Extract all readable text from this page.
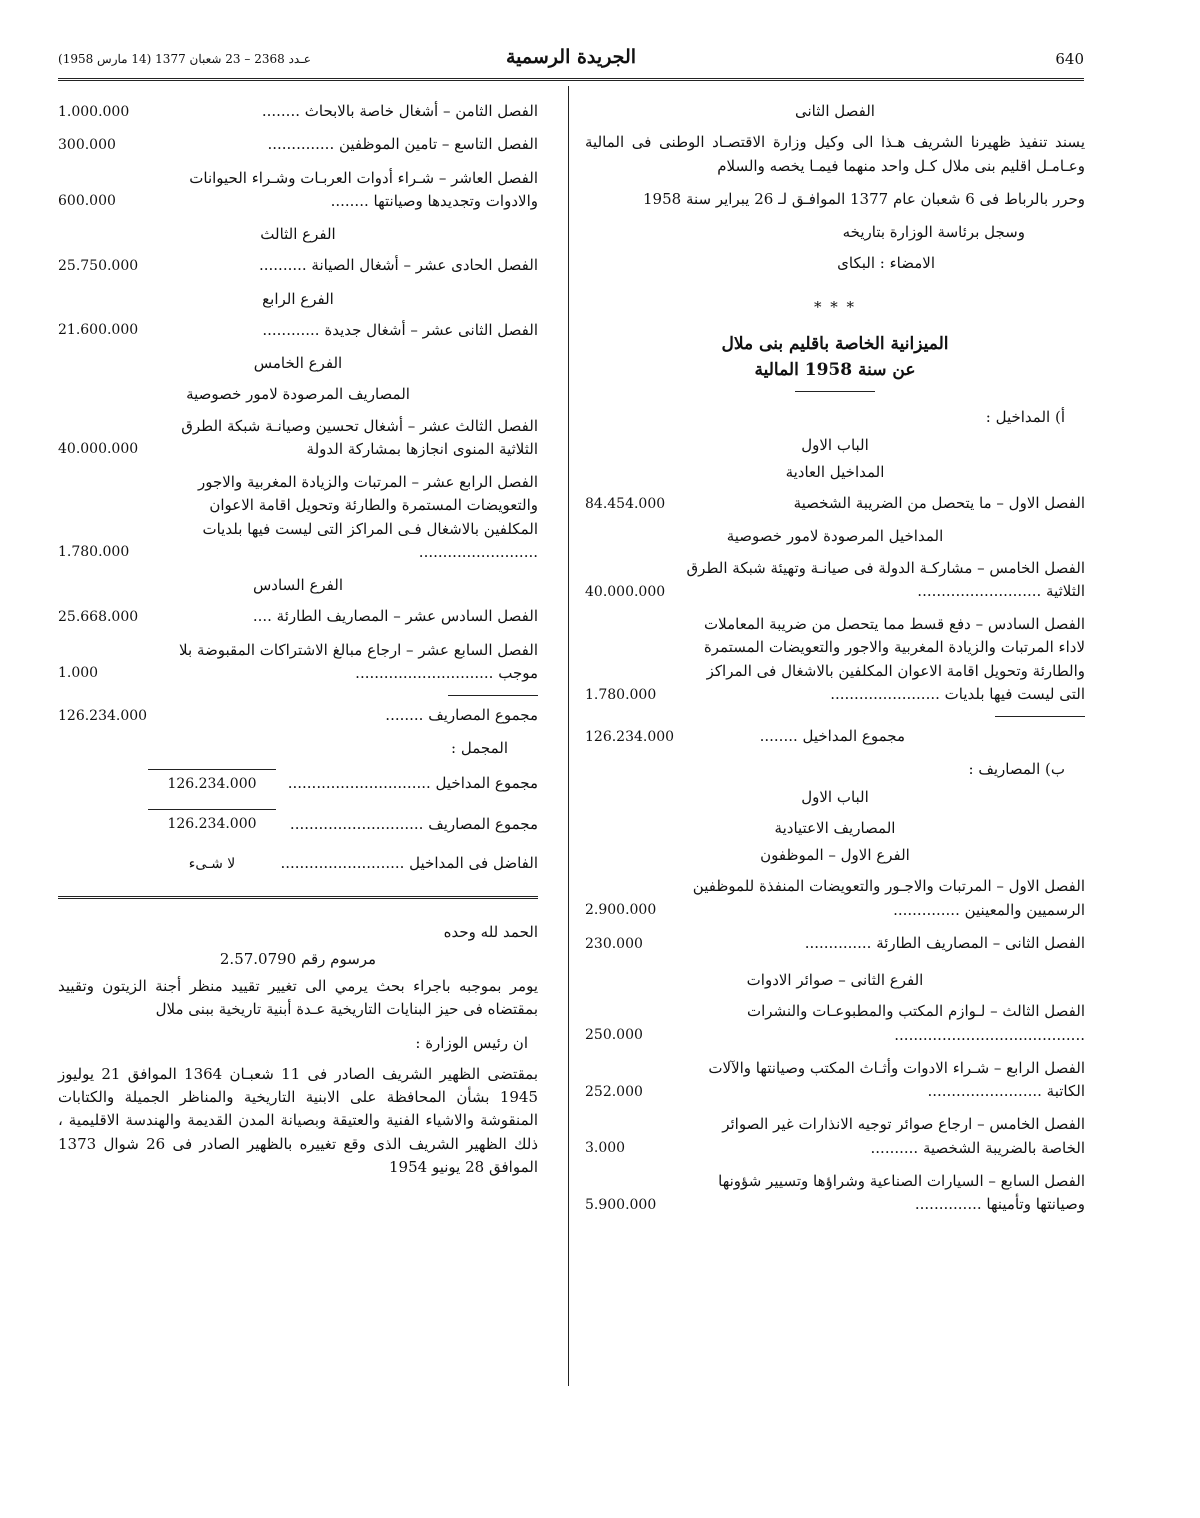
640
الجريدة الرسمية
عـدد 2368 – 23 شعبان 1377 (14 مارس 1958)
الفصل الثانى

يسند تنفيذ ظهيرنا الشريف هـذا الى وكيل وزارة الاقتصـاد الوطنى فى المالية وعـامـل اقليم بنى ملال كـل واحد منهما فيمـا يخصه والسلام

وحرر بالرباط فى 6 شعبان عام 1377 الموافـق لـ 26 يبراير سنة 1958

وسجل برئاسة الوزارة بتاريخه
الامضاء : البكاى
* * *
الميزانية الخاصة باقليم بنى ملال
عن سنة 1958 المالية
أ) المداخيل :
الباب الاول
المداخيل العادية
الفصل الاول – ما يتحصل من الضريبة الشخصية
84.454.000
المداخيل المرصودة لامور خصوصية
الفصل الخامس – مشاركـة الدولة فى صيانـة وتهيئة شبكة الطرق الثلاثية ..........................
40.000.000
الفصل السادس – دفع قسط مما يتحصل من ضريبة المعاملات لاداء المرتبات والزيادة المغربية والاجور والتعويضات المستمرة والطارئة وتحويل اقامة الاعوان المكلفين بالاشغال فى المراكز التى ليست فيها بلديات .......................
1.780.000
مجموع المداخيل ........
126.234.000
ب) المصاريف :
الباب الاول
المصاريف الاعتيادية
الفرع الاول – الموظفون
الفصل الاول – المرتبات والاجـور والتعويضات المنفذة للموظفين الرسميين والمعينين ..............
2.900.000
الفصل الثانى – المصاريف الطارئة ..............
230.000
الفرع الثانى – صوائر الادوات
الفصل الثالث – لـوازم المكتب والمطبوعـات والنشرات ........................................
250.000
الفصل الرابع – شـراء الادوات وأثـاث المكتب وصيانتها والآلات الكاتبة ........................
252.000
الفصل الخامس – ارجاع صوائر توجيه الانذارات غير الصوائر الخاصة بالضريبة الشخصية ..........
3.000
الفصل السابع – السيارات الصناعية وشراؤها وتسيير شؤونها وصيانتها وتأمينها ..............
5.900.000
الفصل الثامن – أشغال خاصة بالابحاث ........
1.000.000
الفصل التاسع – تامين الموظفين ..............
300.000
الفصل العاشر – شـراء أدوات العربـات وشـراء الحيوانات والادوات وتجديدها وصيانتها ........
600.000
الفرع الثالث
الفصل الحادى عشر – أشغال الصيانة ..........
25.750.000
الفرع الرابع
الفصل الثانى عشر – أشغال جديدة ............
21.600.000
الفرع الخامس
المصاريف المرصودة لامور خصوصية
الفصل الثالث عشر – أشغال تحسين وصيانـة شبكة الطرق الثلاثية المنوى انجازها بمشاركة الدولة
40.000.000
الفصل الرابع عشر – المرتبات والزيادة المغربية والاجور والتعويضات المستمرة والطارئة وتحويل اقامة الاعوان المكلفين بالاشغال فـى المراكز التى ليست فيها بلديات .........................
1.780.000
الفرع السادس
الفصل السادس عشر – المصاريف الطارئة ....
25.668.000
الفصل السابع عشر – ارجاع مبالغ الاشتراكات المقبوضة بلا موجب .............................
1.000
مجموع المصاريف ........
126.234.000
المجمل :
مجموع المداخيل ..............................
126.234.000
مجموع المصاريف ............................
126.234.000
الفاضل فى المداخيل ..........................
لا شـىء
الحمد لله وحده
مرسوم رقم 2.57.0790

يومر بموجبه باجراء بحث يرمي الى تغيير تقييد منظر أجنة الزيتون وتقييد بمقتضاه فى حيز البنايات التاريخية عـدة أبنية تاريخية ببنى ملال

ان رئيس الوزارة :

بمقتضى الظهير الشريف الصادر فى 11 شعبـان 1364 الموافق 21 يوليوز 1945 بشأن المحافظة على الابنية التاريخية والمناظر الجميلة والكتابات المنقوشة والاشياء الفنية والعتيقة وبصيانة المدن القديمة والهندسة الاقليمية ، ذلك الظهير الشريف الذى وقع تغييره بالظهير الصادر فى 26 شوال 1373 الموافق 28 يونيو 1954
